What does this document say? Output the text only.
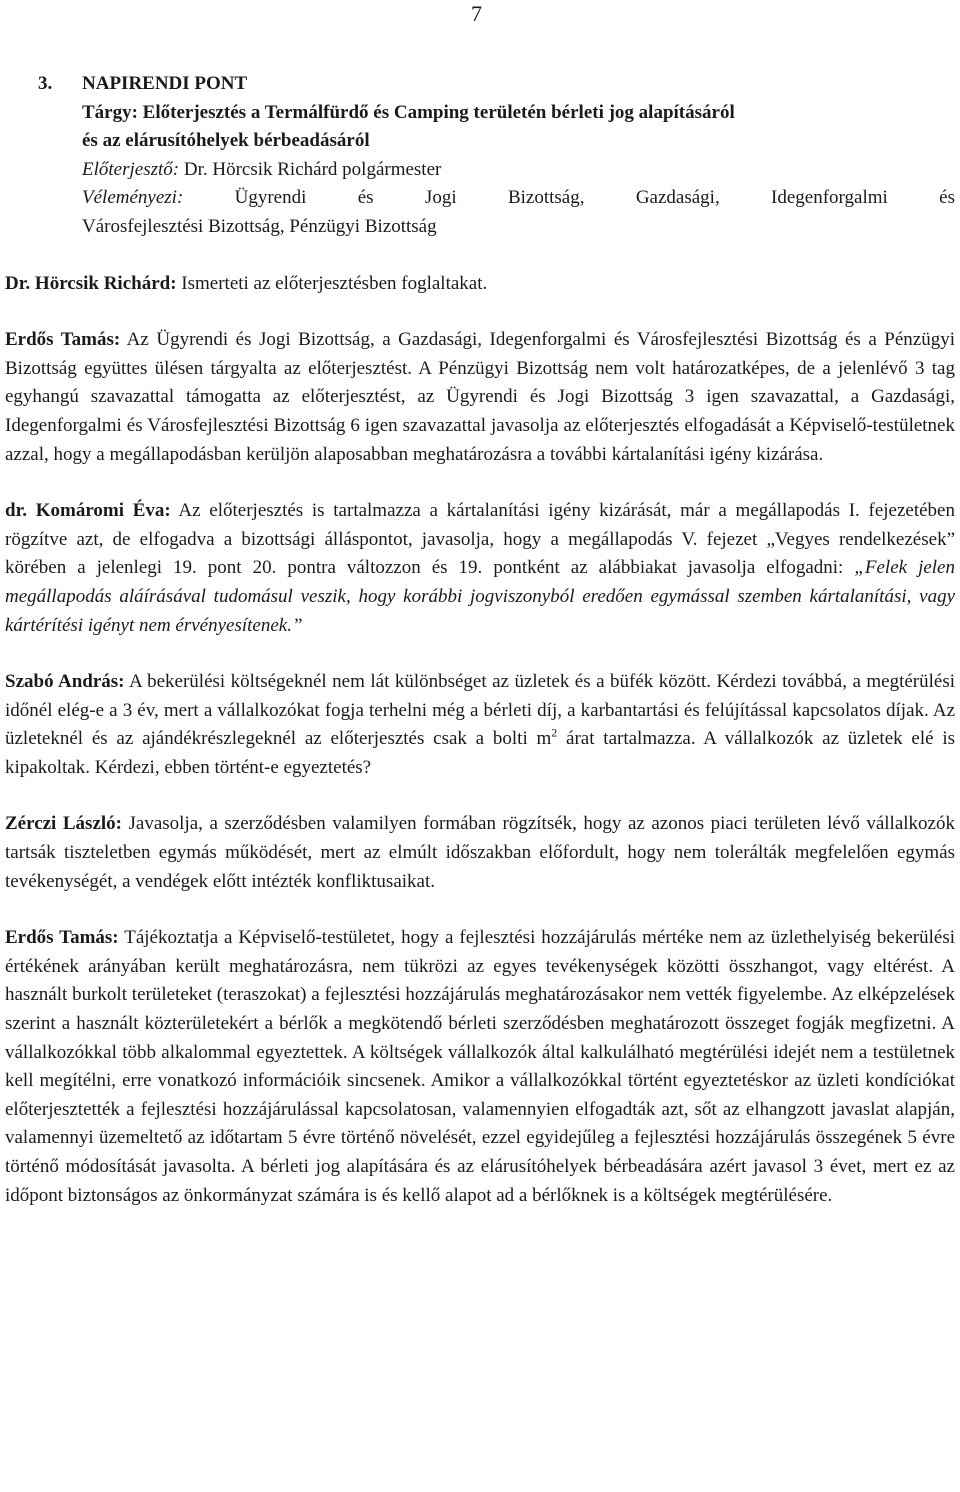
7

3. NAPIRENDI PONT

Tárgy: Előterjesztés a Termálfürdő és Camping területén bérleti jog alapításáról

és az elárusítóhelyek bérbeadásáról

Előterjesztő: Dr. Hörcsik Richárd polgármester

Véleményezi: Ügyrendi és Jogi Bizottság, Gazdasági, Idegenforgalmi és

Városfejlesztési Bizottság, Pénzügyi Bizottság

Dr. Hörcsik Richárd: Ismerteti az előterjesztésben foglaltakat.

Erdős Tamás: Az Ügyrendi és Jogi Bizottság, a Gazdasági, Idegenforgalmi és Városfejlesztési Bizottság és a Pénzügyi Bizottság együttes ülésen tárgyalta az előterjesztést. A Pénzügyi Bizottság nem volt határozatképes, de a jelenlévő 3 tag egyhangú szavazattal támogatta az előterjesztést, az Ügyrendi és Jogi Bizottság 3 igen szavazattal, a Gazdasági, Idegenforgalmi és Városfejlesztési Bizottság 6 igen szavazattal javasolja az előterjesztés elfogadását a Képviselő-testületnek azzal, hogy a megállapodásban kerüljön alaposabban meghatározásra a további kártalanítási igény kizárása.

dr. Komáromi Éva: Az előterjesztés is tartalmazza a kártalanítási igény kizárását, már a megállapodás I. fejezetében rögzítve azt, de elfogadva a bizottsági álláspontot, javasolja, hogy a megállapodás V. fejezet „Vegyes rendelkezések” körében a jelenlegi 19. pont 20. pontra változzon és 19. pontként az alábbiakat javasolja elfogadni: „Felek jelen megállapodás aláírásával tudomásul veszik, hogy korábbi jogviszonyból eredően egymással szemben kártalanítási, vagy kártérítési igényt nem érvényesítenek.”

Szabó András: A bekerülési költségeknél nem lát különbséget az üzletek és a büfék között. Kérdezi továbbá, a megtérülési időnél elég-e a 3 év, mert a vállalkozókat fogja terhelni még a bérleti díj, a karbantartási és felújítással kapcsolatos díjak. Az üzleteknél és az ajándékrészlegeknél az előterjesztés csak a bolti $m^2$ árat tartalmazza. A vállalkozók az üzletek elé is kipakoltak. Kérdezi, ebben történt-e egyeztetés?

Zérczi László: Javasolja, a szerződésben valamilyen formában rögzítsék, hogy az azonos piaci területen lévő vállalkozók tartsák tiszteletben egymás működését, mert az elmúlt időszakban előfordult, hogy nem tolerálták megfelelően egymás tevékenységét, a vendégek előtt intézték konfliktusaikat.

Erdős Tamás: Tájékoztatja a Képviselő-testületet, hogy a fejlesztési hozzájárulás mértéke nem az üzlethelyiség bekerülési értékének arányában került meghatározásra, nem tükrözi az egyes tevékenységek közötti összhangot, vagy eltérést. A használt burkolt területeket (teraszokat) a fejlesztési hozzájárulás meghatározásakor nem vették figyelembe. Az elképzelések szerint a használt közterületekért a bérlők a megkötendő bérleti szerződésben meghatározott összeget fogják megfizetni. A vállalkozókkal több alkalommal egyeztettek. A költségek vállalkozók által kalkulálható megtérülési idejét nem a testületnek kell megítélni, erre vonatkozó információik sincsenek. Amikor a vállalkozókkal történt egyeztetéskor az üzleti kondíciókat előterjesztették a fejlesztési hozzájárulással kapcsolatosan, valamennyien elfogadták azt, sőt az elhangzott javaslat alapján, valamennyi üzemeltető az időtartam 5 évre történő növelését, ezzel egyidejűleg a fejlesztési hozzájárulás összegének 5 évre történő módosítását javasolta. A bérleti jog alapítására és az elárusítóhelyek bérbeadására azért javasol 3 évet, mert ez az időpont biztonságos az önkormányzat számára is és kellő alapot ad a bérlőknek is a költségek megtérülésére.
